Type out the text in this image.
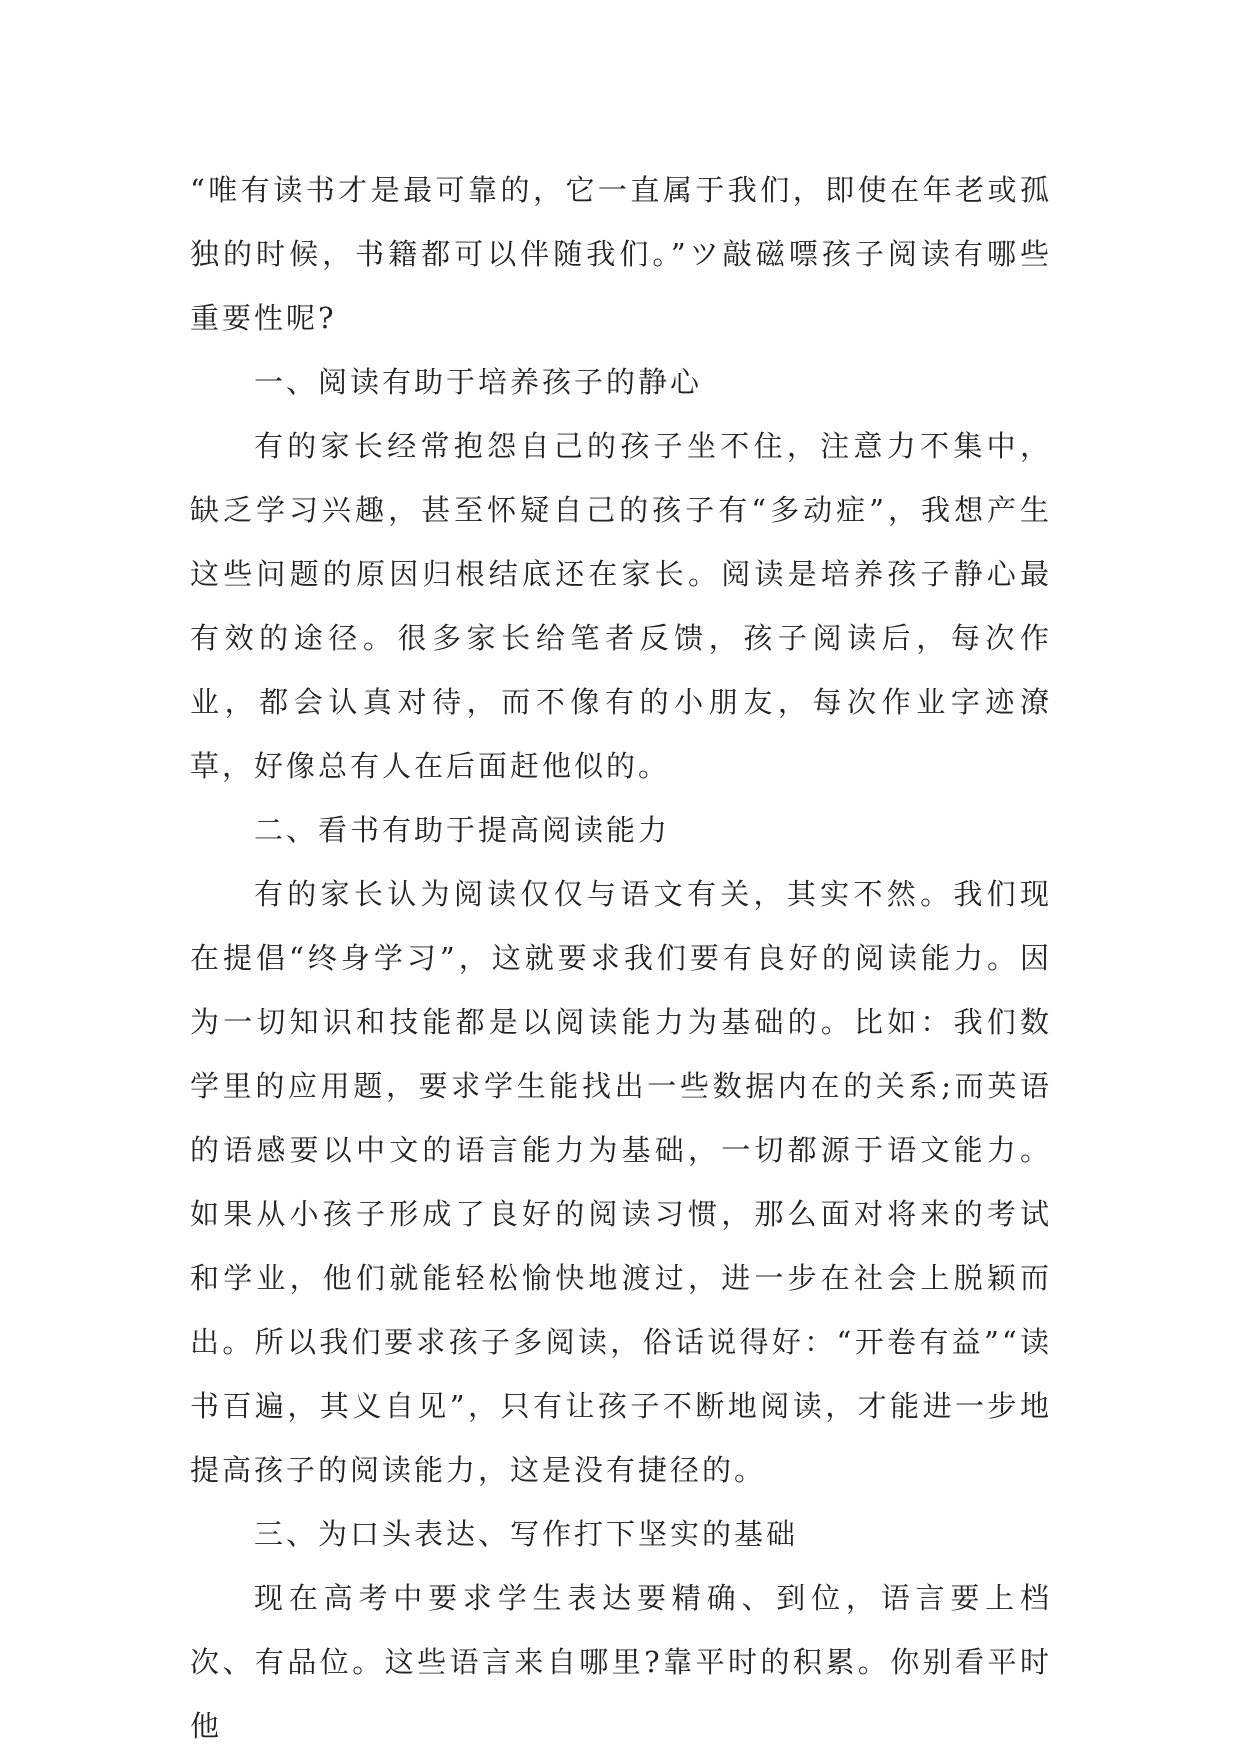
“唯有读书才是最可靠的，它一直属于我们，即使在年老或孤独的时候，书籍都可以伴随我们。”ツ敲磁嘌孩子阅读有哪些重要性呢?

一、阅读有助于培养孩子的静心

有的家长经常抱怨自己的孩子坐不住，注意力不集中，缺乏学习兴趣，甚至怀疑自己的孩子有“多动症”，我想产生这些问题的原因归根结底还在家长。阅读是培养孩子静心最有效的途径。很多家长给笔者反馈，孩子阅读后，每次作业，都会认真对待，而不像有的小朋友，每次作业字迹潦草，好像总有人在后面赶他似的。

二、看书有助于提高阅读能力

有的家长认为阅读仅仅与语文有关，其实不然。我们现在提倡“终身学习”，这就要求我们要有良好的阅读能力。因为一切知识和技能都是以阅读能力为基础的。比如：我们数学里的应用题，要求学生能找出一些数据内在的关系;而英语的语感要以中文的语言能力为基础，一切都源于语文能力。如果从小孩子形成了良好的阅读习惯，那么面对将来的考试和学业，他们就能轻松愉快地渡过，进一步在社会上脱颖而出。所以我们要求孩子多阅读，俗话说得好：“开卷有益”“读书百遍，其义自见”，只有让孩子不断地阅读，才能进一步地提高孩子的阅读能力，这是没有捷径的。

三、为口头表达、写作打下坚实的基础

现在高考中要求学生表达要精确、到位，语言要上档次、有品位。这些语言来自哪里?靠平时的积累。你别看平时他
